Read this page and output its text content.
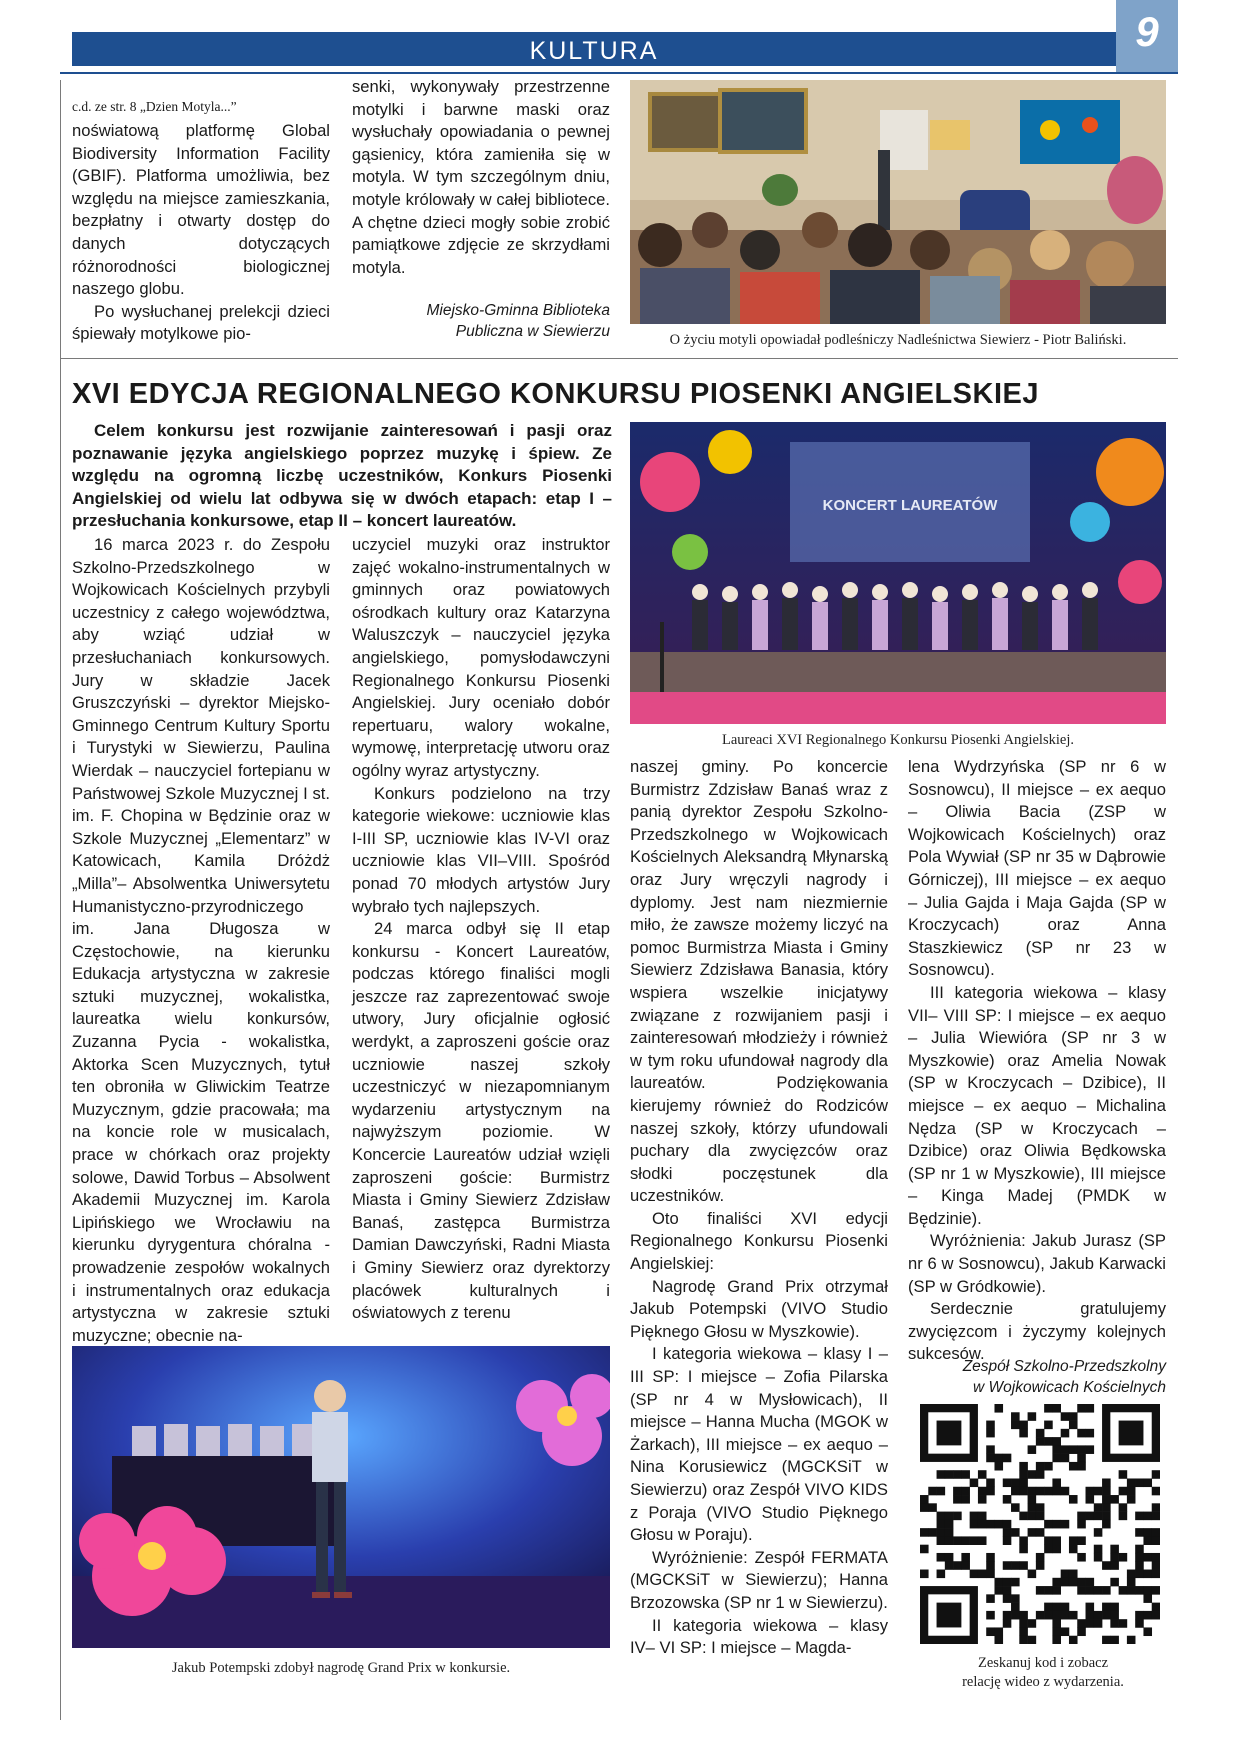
KULTURA	9
c.d. ze str. 8 „Dzien Motyla...”

noświatową platformę Global Biodiversity Information Facility (GBIF). Platforma umożliwia, bez względu na miejsce zamieszkania, bezpłatny i otwarty dostęp do danych dotyczących różnorodności biologicznej naszego globu.

Po wysłuchanej prelekcji dzieci śpiewały motylkowe pio-

senki, wykonywały przestrzenne motylki i barwne maski oraz wysłuchały opowiadania o pewnej gąsienicy, która zamieniła się w motyla. W tym szczególnym dniu, motyle królowały w całej bibliotece. A chętne dzieci mogły sobie zrobić pamiątkowe zdjęcie ze skrzydłami motyla.

Miejsko-Gminna Biblioteka
Publiczna w Siewierzu	O życiu motyli opowiadał podleśniczy Nadleśnictwa Siewierz - Piotr Baliński.
XVI EDYCJA REGIONALNEGO KONKURSU PIOSENKI ANGIELSKIEJ

Celem konkursu jest rozwijanie zainteresowań i pasji oraz poznawanie języka angielskiego poprzez muzykę i śpiew. Ze względu na ogromną liczbę uczestników, Konkurs Piosenki Angielskiej od wielu lat odbywa się w dwóch etapach: etap I – przesłuchania konkursowe, etap II – koncert laureatów.

16 marca 2023 r. do Zespołu Szkolno-Przedszkolnego w Wojkowicach Kościelnych przybyli uczestnicy z całego województwa, aby wziąć udział w przesłuchaniach konkursowych. Jury w składzie Jacek Gruszczyński – dyrektor Miejsko-Gminnego Centrum Kultury Sportu i Turystyki w Siewierzu, Paulina Wierdak – nauczyciel fortepianu w Państwowej Szkole Muzycznej I st. im. F. Chopina w Będzinie oraz w Szkole Muzycznej „Elementarz” w Katowicach, Kamila Dróżdż „Milla”– Absolwentka Uniwersytetu Humanistyczno-przyrodniczego im. Jana Długosza w Częstochowie, na kierunku Edukacja artystyczna w zakresie sztuki muzycznej, wokalistka, laureatka wielu konkursów, Zuzanna Pycia - wokalistka, Aktorka Scen Muzycznych, tytuł ten obroniła w Gliwickim Teatrze Muzycznym, gdzie pracowała; ma na koncie role w musicalach, prace w chórkach oraz projekty solowe, Dawid Torbus – Absolwent Akademii Muzycznej im. Karola Lipińskiego we Wrocławiu na kierunku dyrygentura chóralna - prowadzenie zespołów wokalnych i instrumentalnych oraz edukacja artystyczna w zakresie sztuki muzyczne; obecnie na-

uczyciel muzyki oraz instruktor zajęć wokalno-instrumentalnych w gminnych oraz powiatowych ośrodkach kultury oraz Katarzyna Waluszczyk – nauczyciel języka angielskiego, pomysłodawczyni Regionalnego Konkursu Piosenki Angielskiej. Jury oceniało dobór repertuaru, walory wokalne, wymowę, interpretację utworu oraz ogólny wyraz artystyczny.

Konkurs podzielono na trzy kategorie wiekowe: uczniowie klas I-III SP, uczniowie klas IV-VI oraz uczniowie klas VII–VIII. Spośród ponad 70 młodych artystów Jury wybrało tych najlepszych.

24 marca odbył się II etap konkursu - Koncert Laureatów, podczas którego finaliści mogli jeszcze raz zaprezentować swoje utwory, Jury oficjalnie ogłosić werdykt, a zaproszeni goście oraz uczniowie naszej szkoły uczestniczyć w niezapomnianym wydarzeniu artystycznym na najwyższym poziomie. W Koncercie Laureatów udział wzięli zaproszeni goście: Burmistrz Miasta i Gminy Siewierz Zdzisław Banaś, zastępca Burmistrza Damian Dawczyński, Radni Miasta i Gminy Siewierz oraz dyrektorzy placówek kulturalnych i oświatowych z terenu

KONCERT LAUREATÓW
Laureaci XVI Regionalnego Konkursu Piosenki Angielskiej.

naszej gminy. Po koncercie Burmistrz Zdzisław Banaś wraz z panią dyrektor Zespołu Szkolno-Przedszkolnego w Wojkowicach Kościelnych Aleksandrą Młynarską oraz Jury wręczyli nagrody i dyplomy. Jest nam niezmiernie miło, że zawsze możemy liczyć na pomoc Burmistrza Miasta i Gminy Siewierz Zdzisława Banasia, który wspiera wszelkie inicjatywy związane z rozwijaniem pasji i zainteresowań młodzieży i również w tym roku ufundował nagrody dla laureatów. Podziękowania kierujemy również do Rodziców naszej szkoły, którzy ufundowali puchary dla zwycięzców oraz słodki poczęstunek dla uczestników.

Oto finaliści XVI edycji Regionalnego Konkursu Piosenki Angielskiej:

Nagrodę Grand Prix otrzymał Jakub Potempski (VIVO Studio Pięknego Głosu w Myszkowie).

I kategoria wiekowa – klasy I – III SP: I miejsce – Zofia Pilarska (SP nr 4 w Mysłowicach), II miejsce – Hanna Mucha (MGOK w Żarkach), III miejsce – ex aequo – Nina Korusiewicz (MGCKSiT w Siewierzu) oraz Zespół VIVO KIDS z Poraja (VIVO Studio Pięknego Głosu w Poraju).

Wyróżnienie: Zespół FERMATA (MGCKSiT w Siewierzu); Hanna Brzozowska (SP nr 1 w Siewierzu).

II kategoria wiekowa – klasy IV– VI SP: I miejsce – Magda-

lena Wydrzyńska (SP nr 6 w Sosnowcu), II miejsce – ex aequo – Oliwia Bacia (ZSP w Wojkowicach Kościelnych) oraz Pola Wywiał (SP nr 35 w Dąbrowie Górniczej), III miejsce – ex aequo – Julia Gajda i Maja Gajda (SP w Kroczycach) oraz Anna Staszkiewicz (SP nr 23 w Sosnowcu).

III kategoria wiekowa – klasy VII– VIII SP: I miejsce – ex aequo – Julia Wiewióra (SP nr 3 w Myszkowie) oraz Amelia Nowak (SP w Kroczycach – Dzibice), II miejsce – ex aequo – Michalina Nędza (SP w Kroczycach – Dzibice) oraz Oliwia Będkowska (SP nr 1 w Myszkowie), III miejsce – Kinga Madej (PMDK w Będzinie).

Wyróżnienia: Jakub Jurasz (SP nr 6 w Sosnowcu), Jakub Karwacki (SP w Gródkowie).

Serdecznie gratulujemy zwycięzcom i życzymy kolejnych sukcesów.

Zespół Szkolno-Przedszkolny
w Wojkowicach Kościelnych
Zeskanuj kod i zobacz
relację wideo z wydarzenia.
Jakub Potempski zdobył nagrodę Grand Prix w konkursie.
